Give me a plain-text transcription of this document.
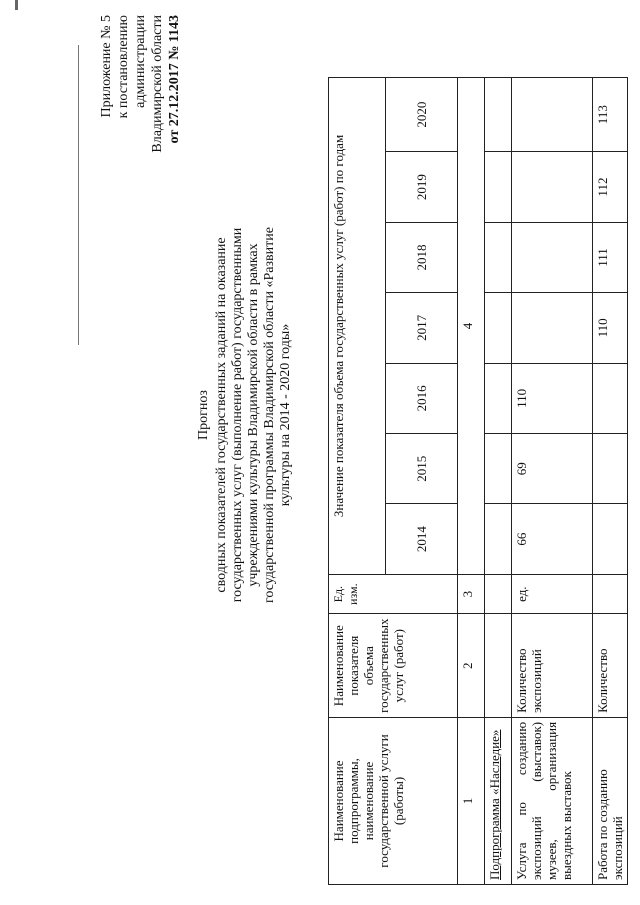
Приложение № 5 к постановлению администрации Владимирской области от 27.12.2017 № 1143
Прогноз сводных показателей государственных заданий на оказание государственных услуг (выполнение работ) государственными учреждениями культуры Владимирской области в рамках государственной программы Владимирской области «Развитие культуры на 2014 - 2020 годы»
Наименование подпрограммы, наименование государственной услуги (работы)	Наименование показателя объема государственных услуг (работ)	Ед. изм.	Значение показателя объема государственных услуг (работ) по годам						
			2014	2015	2016	2017	2018	2019	2020
1	2	3	4						
Подпрограмма «Наследие»									
Услуга по созданию экспозиций (выставок) музеев, организация выездных выставок	Количество экспозиций	ед.	66	69	110				
Работа по созданию экспозиций	Количество					110	111	112	113
